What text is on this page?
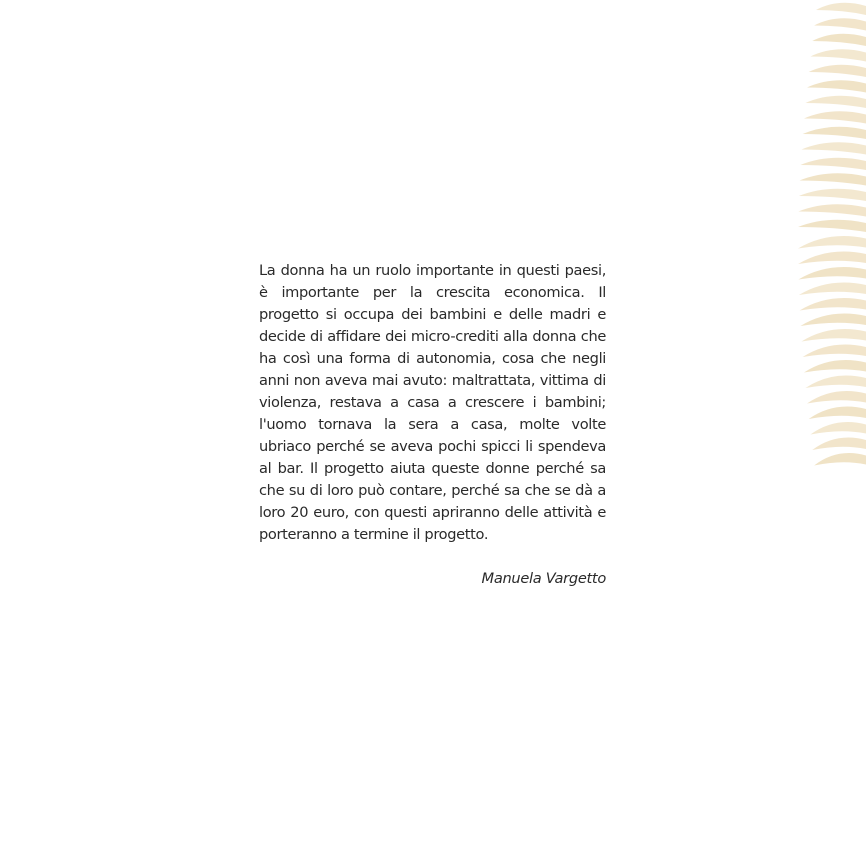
La donna ha un ruolo importante in questi paesi, è importante per la crescita economica. Il progetto si occupa dei bambini e delle madri e decide di affidare dei micro-crediti alla donna che ha così una forma di autonomia, cosa che negli anni non aveva mai avuto: maltrattata, vittima di violenza, restava a casa a crescere i bambini; l'uomo tornava la sera a casa, molte volte ubriaco perché se aveva pochi spicci li spendeva al bar. Il progetto aiuta queste donne perché sa che su di loro può contare, perché sa che se dà a loro 20 euro, con questi apriranno delle attività e porteranno a termine il progetto.

Manuela Vargetto
